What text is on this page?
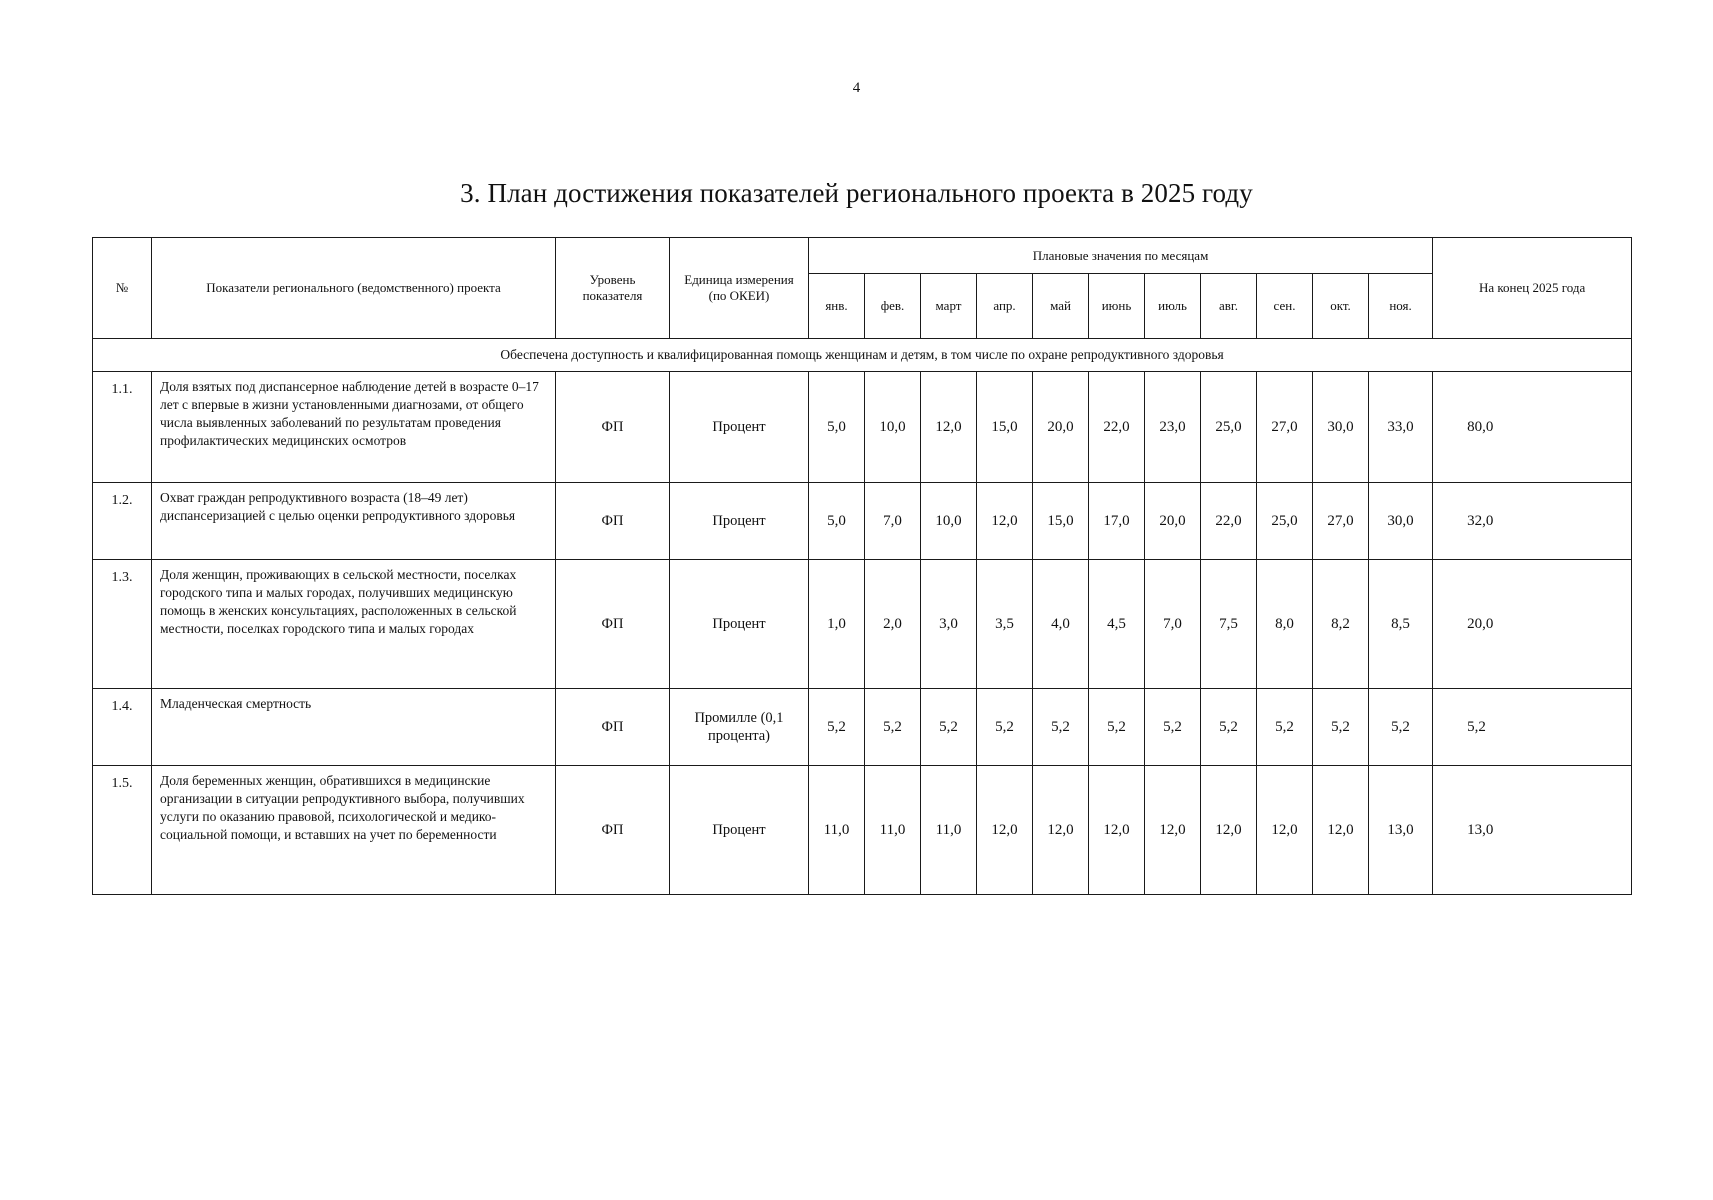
4
3. План достижения показателей регионального проекта в 2025 году
№	Показатели регионального (ведомственного) проекта	Уровень показателя	Единица измерения (по ОКЕИ)	Плановые значения по месяцам											На конец 2025 года
				янв.	фев.	март	апр.	май	июнь	июль	авг.	сен.	окт.	ноя.	
Обеспечена доступность и квалифицированная помощь женщинам и детям, в том числе по охране репродуктивного здоровья															
1.1.	Доля взятых под диспансерное наблюдение детей в возрасте 0–17 лет с впервые в жизни установленными диагнозами, от общего числа выявленных заболеваний по результатам проведения профилактических медицинских осмотров	ФП	Процент	5,0	10,0	12,0	15,0	20,0	22,0	23,0	25,0	27,0	30,0	33,0	80,0
1.2.	Охват граждан репродуктивного возраста (18–49 лет) диспансеризацией с целью оценки репродуктивного здоровья	ФП	Процент	5,0	7,0	10,0	12,0	15,0	17,0	20,0	22,0	25,0	27,0	30,0	32,0
1.3.	Доля женщин, проживающих в сельской местности, поселках городского типа и малых городах, получивших медицинскую помощь в женских консультациях, расположенных в сельской местности, поселках городского типа и малых городах	ФП	Процент	1,0	2,0	3,0	3,5	4,0	4,5	7,0	7,5	8,0	8,2	8,5	20,0
1.4.	Младенческая смертность	ФП	Промилле (0,1 процента)	5,2	5,2	5,2	5,2	5,2	5,2	5,2	5,2	5,2	5,2	5,2	5,2
1.5.	Доля беременных женщин, обратившихся в медицинские организации в ситуации репродуктивного выбора, получивших услуги по оказанию правовой, психологической и медико-социальной помощи, и вставших на учет по беременности	ФП	Процент	11,0	11,0	11,0	12,0	12,0	12,0	12,0	12,0	12,0	12,0	13,0	13,0
